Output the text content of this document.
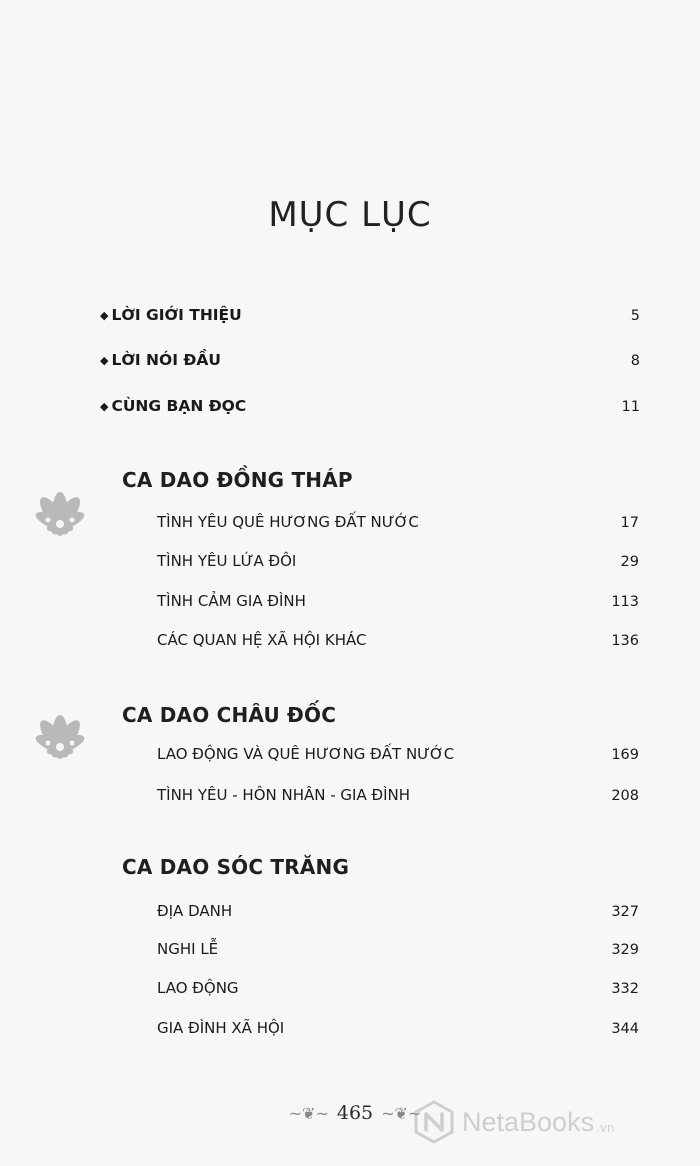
MỤC LỤC
◆ LỜI GIỚI THIỆU	5
◆ LỜI NÓI ĐẦU	8
◆ CÙNG BẠN ĐỌC	11
CA DAO ĐỒNG THÁP
TÌNH YÊU QUÊ HƯƠNG ĐẤT NƯỚC	17
TÌNH YÊU LỨA ĐÔI	29
TÌNH CẢM GIA ĐÌNH	113
CÁC QUAN HỆ XÃ HỘI KHÁC	136
CA DAO CHÂU ĐỐC
LAO ĐỘNG VÀ QUÊ HƯƠNG ĐẤT NƯỚC	169
TÌNH YÊU - HÔN NHÂN - GIA ĐÌNH	208
CA DAO SÓC TRĂNG
ĐỊA DANH	327
NGHI LỄ	329
LAO ĐỘNG	332
GIA ĐÌNH XÃ HỘI	344
~❦~ 465 ~❦~ NetaBooks .vn
